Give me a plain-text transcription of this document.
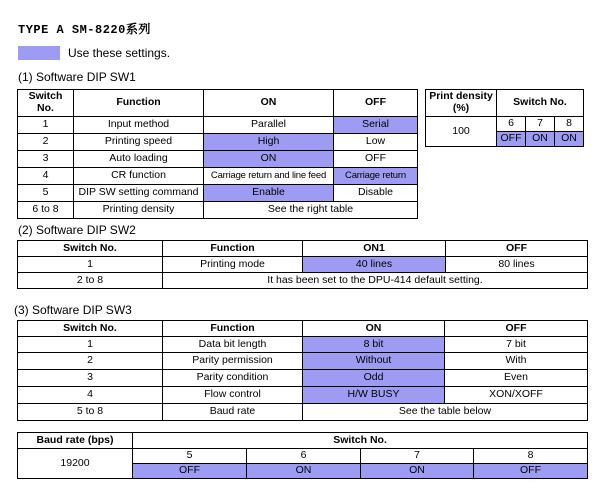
TYPE A SM-8220系列
Use these settings.
(1) Software DIP SW1
Switch
No.	Function	ON	OFF
1	Input method	Parallel	Serial
2	Printing speed	High	Low
3	Auto loading	ON	OFF
4	CR function	Carriage return and line feed	Carriage return
5	DIP SW setting command	Enable	Disable
6 to 8	Printing density	See the right table	
Print density
(%)	Switch No.		
100	6	7	8
	OFF	ON	ON
(2) Software DIP SW2
Switch No.	Function	ON1	OFF
1	Printing mode	40 lines	80 lines
2 to 8	It has been set to the DPU-414 default setting.		
(3) Software DIP SW3
Switch No.	Function	ON	OFF
1	Data bit length	8 bit	7 bit
2	Parity permission	Without	With
3	Parity condition	Odd	Even
4	Flow control	H/W BUSY	XON/XOFF
5 to 8	Baud rate	See the table below	
Baud rate (bps)	Switch No.			
19200	5	6	7	8
	OFF	ON	ON	OFF
